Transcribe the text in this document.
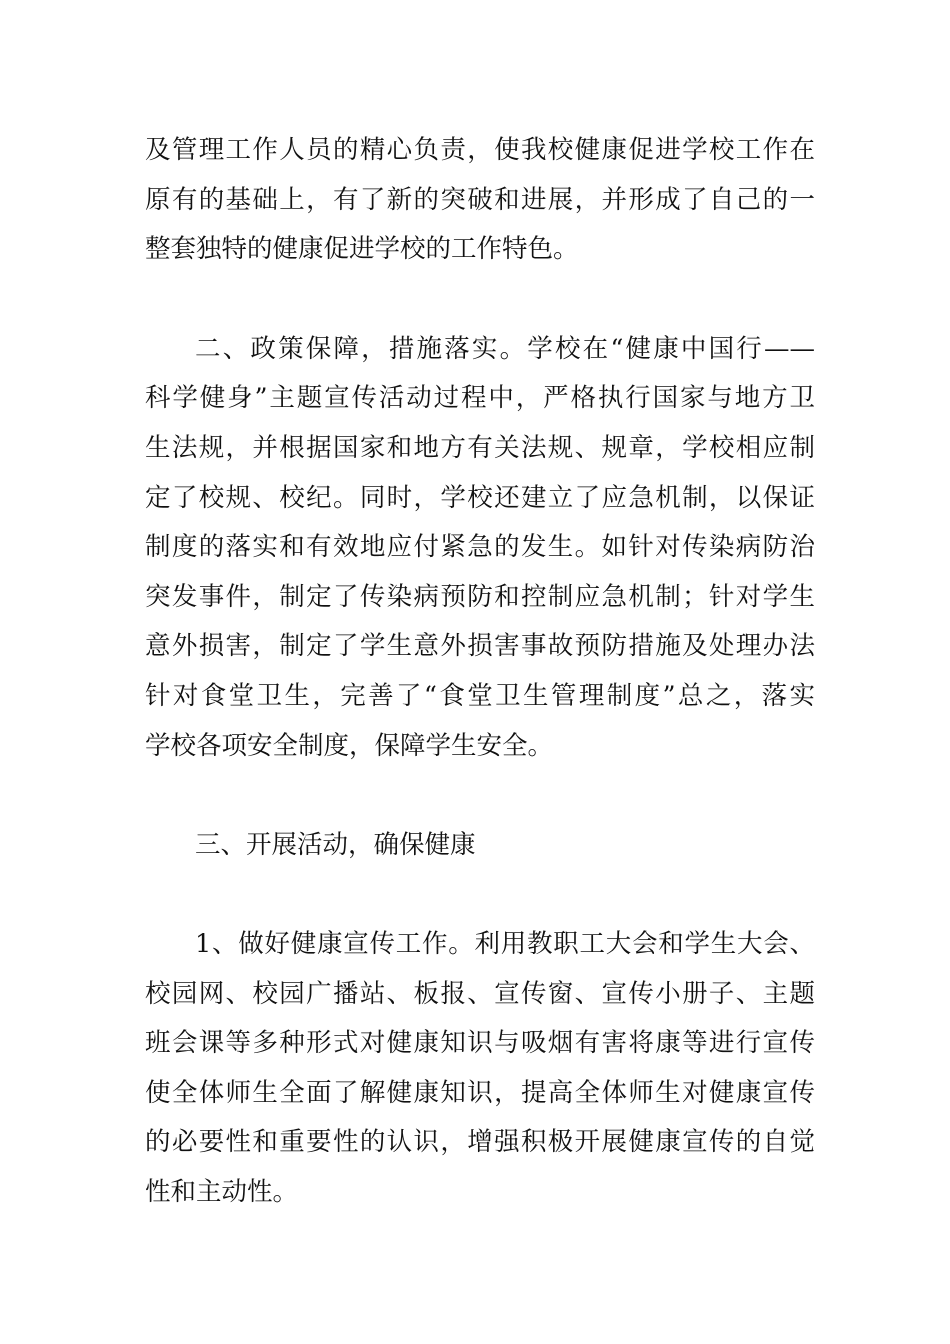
及管理工作人员的精心负责，使我校健康促进学校工作在
原有的基础上，有了新的突破和进展，并形成了自己的一
整套独特的健康促进学校的工作特色。
二、政策保障，措施落实。学校在“健康中国行——
科学健身”主题宣传活动过程中，严格执行国家与地方卫
生法规，并根据国家和地方有关法规、规章，学校相应制
定了校规、校纪。同时，学校还建立了应急机制，以保证
制度的落实和有效地应付紧急的发生。如针对传染病防治
突发事件，制定了传染病预防和控制应急机制；针对学生
意外损害，制定了学生意外损害事故预防措施及处理办法
针对食堂卫生，完善了“食堂卫生管理制度”总之，落实
学校各项安全制度，保障学生安全。
三、开展活动，确保健康
1、做好健康宣传工作。利用教职工大会和学生大会、
校园网、校园广播站、板报、宣传窗、宣传小册子、主题
班会课等多种形式对健康知识与吸烟有害将康等进行宣传
使全体师生全面了解健康知识，提高全体师生对健康宣传
的必要性和重要性的认识，增强积极开展健康宣传的自觉
性和主动性。
